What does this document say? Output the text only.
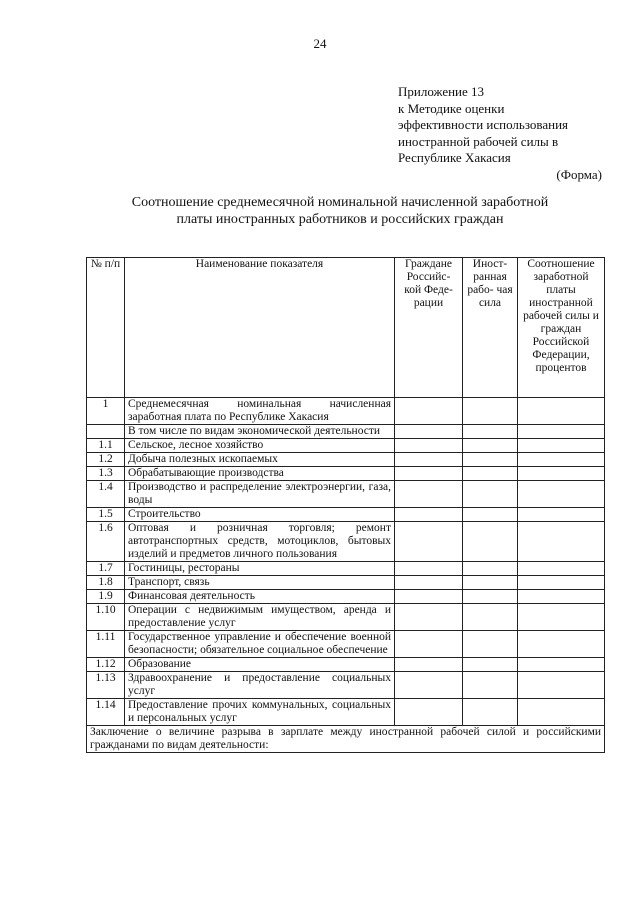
24
Приложение 13
к Методике оценки
эффективности использования
иностранной рабочей силы в
Республике Хакасия
(Форма)
Соотношение среднемесячной номинальной начисленной заработной
платы иностранных работников и российских граждан
№ п/п	Наименование показателя	Граждане Российс- кой Феде- рации	Иност- ранная рабо- чая сила	Соотношение заработной платы иностранной рабочей силы и граждан Российской Федерации, процентов
1	Среднемесячная номинальная начисленная заработная плата по Республике Хакасия			
	В том числе по видам экономической деятельности			
1.1	Сельское, лесное хозяйство			
1.2	Добыча полезных ископаемых			
1.3	Обрабатывающие производства			
1.4	Производство и распределение электроэнергии, газа, воды			
1.5	Строительство			
1.6	Оптовая и розничная торговля; ремонт автотранспортных средств, мотоциклов, бытовых изделий и предметов личного пользования			
1.7	Гостиницы, рестораны			
1.8	Транспорт, связь			
1.9	Финансовая деятельность			
1.10	Операции с недвижимым имуществом, аренда и предоставление услуг			
1.11	Государственное управление и обеспечение военной безопасности; обязательное социальное обеспечение			
1.12	Образование			
1.13	Здравоохранение и предоставление социальных услуг			
1.14	Предоставление прочих коммунальных, социальных и персональных услуг			
Заключение о величине разрыва в зарплате между иностранной рабочей силой и российскими гражданами по видам деятельности:				
